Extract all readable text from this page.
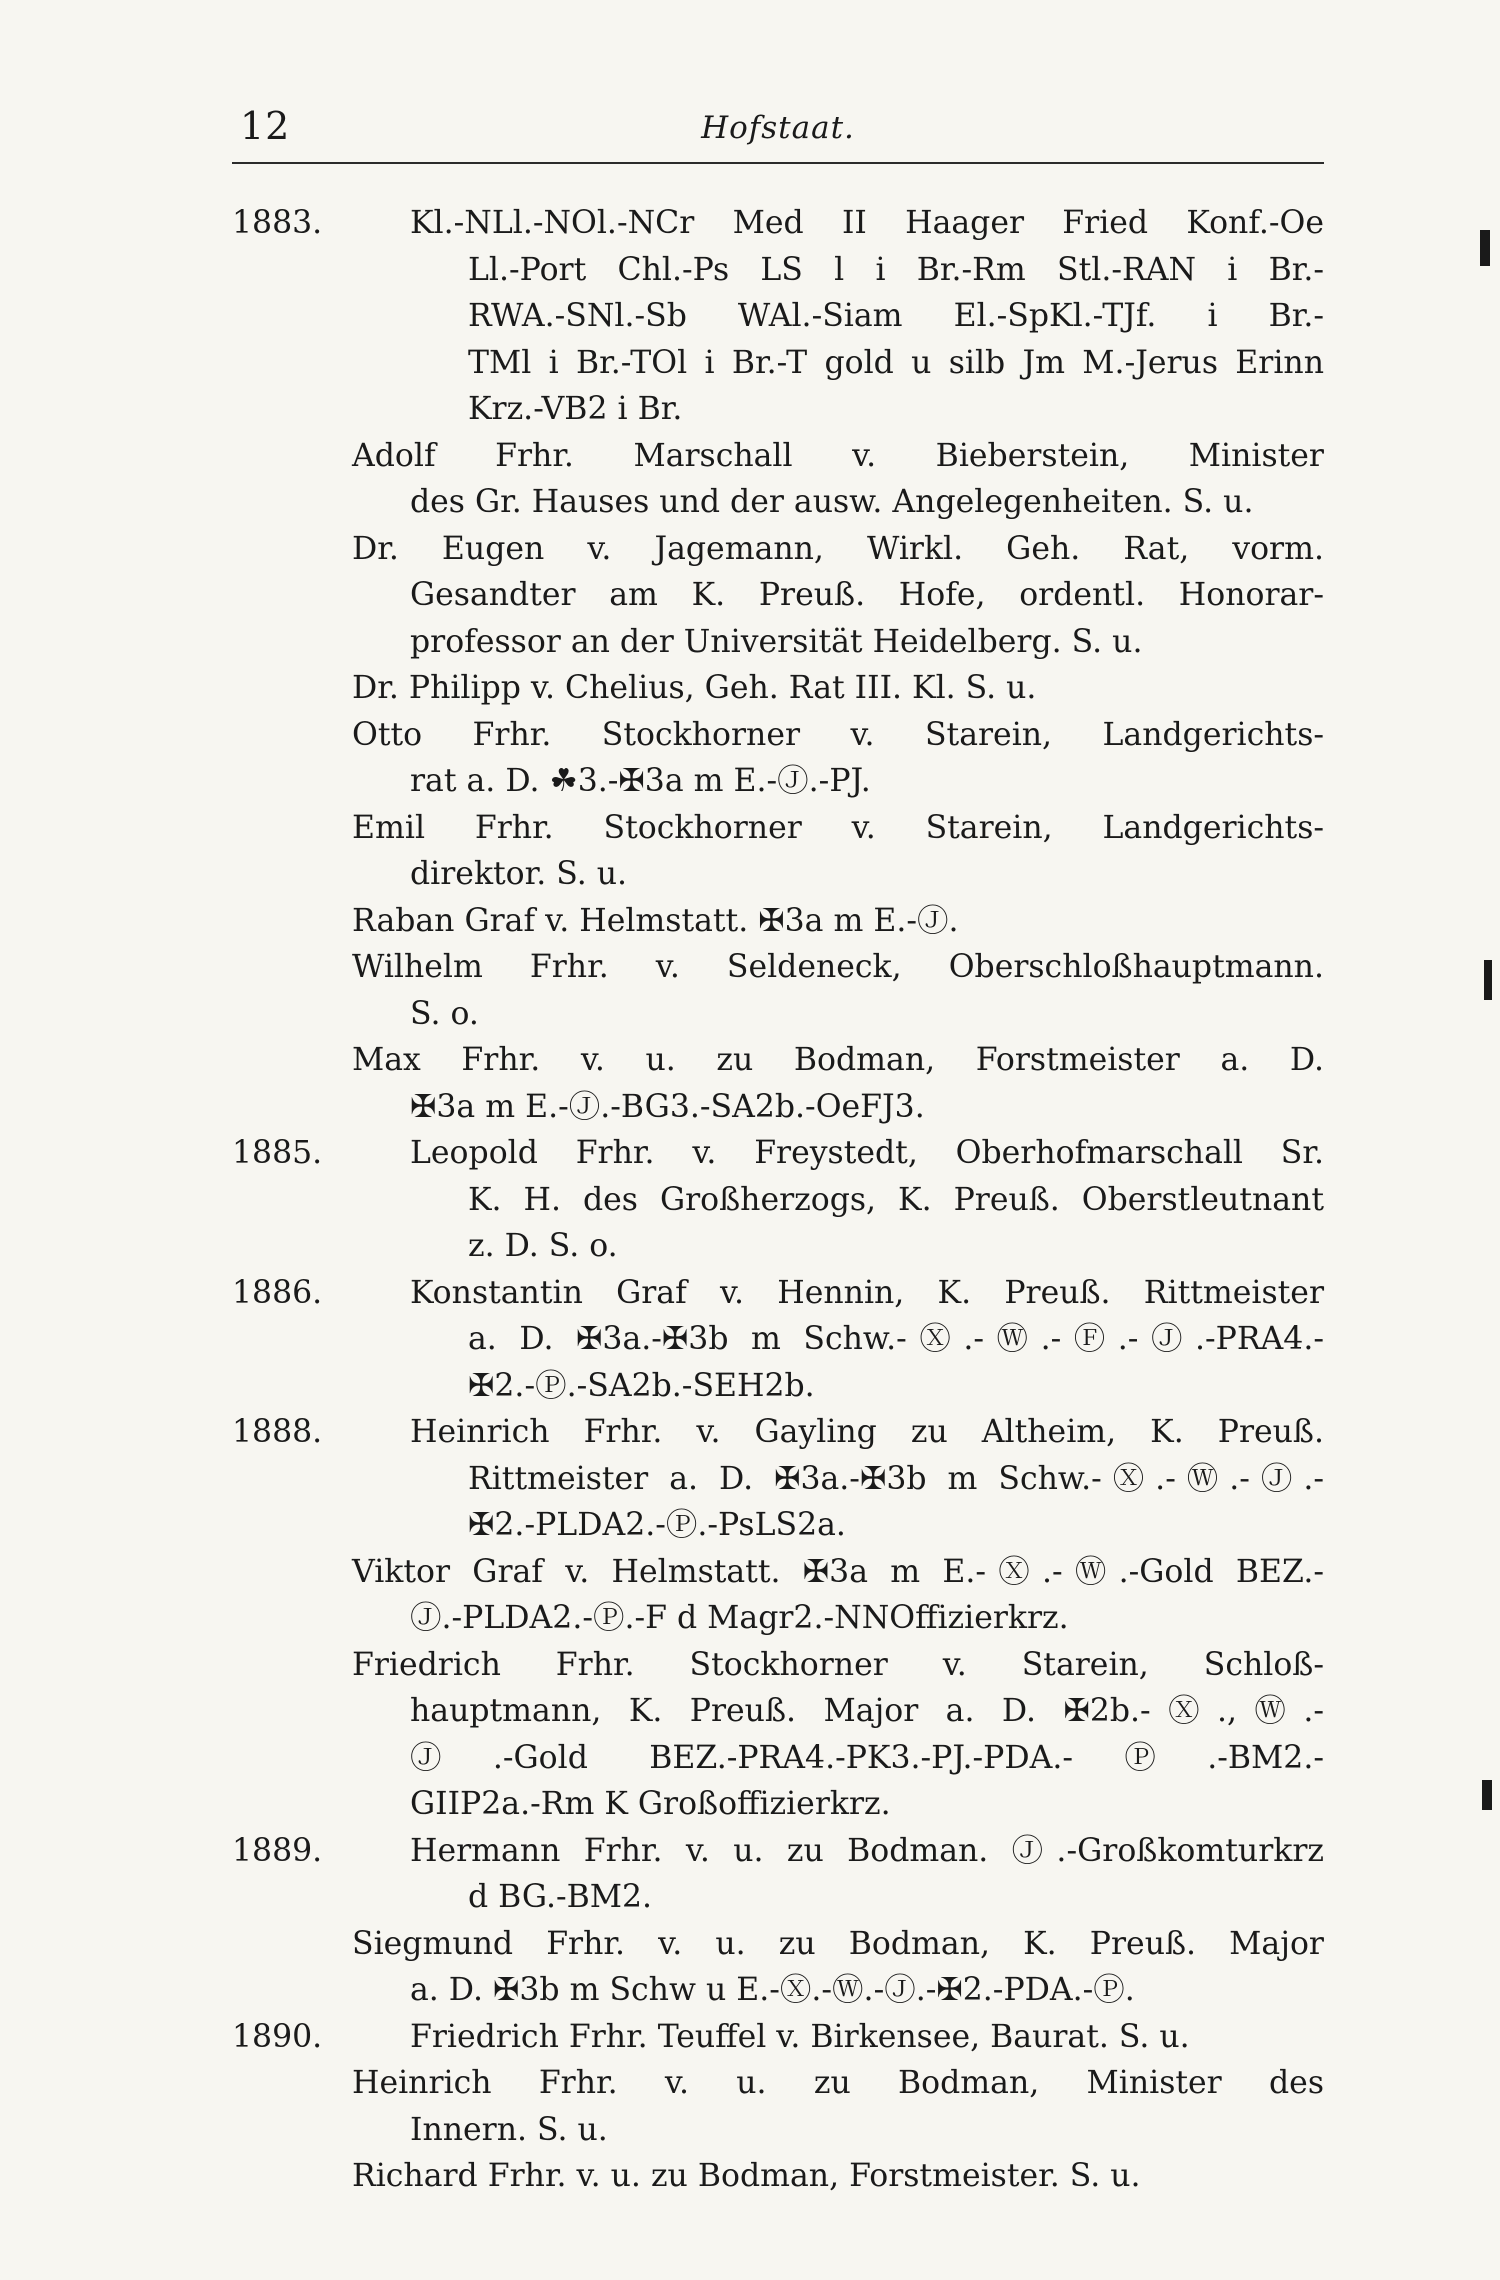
12	Hofstaat.
1883.	Kl.-NLl.-NOl.-NCr Med II Haager Fried Konf.-Oe
Ll.-Port Chl.-Ps LS l i Br.-Rm Stl.-RAN i Br.-
RWA.-SNl.-Sb WAl.-Siam El.-SpKl.-TJf. i Br.-
TMl i Br.-TOl i Br.-T gold u silb Jm M.-Jerus Erinn
Krz.-VB2 i Br.
Adolf Frhr. Marschall v. Bieberstein, Minister
des Gr. Hauses und der ausw. Angelegenheiten. S. u.
Dr. Eugen v. Jagemann, Wirkl. Geh. Rat, vorm.
Gesandter am K. Preuß. Hofe, ordentl. Honorar-
professor an der Universität Heidelberg. S. u.
Dr. Philipp v. Chelius, Geh. Rat III. Kl. S. u.
Otto Frhr. Stockhorner v. Starein, Landgerichts-
rat a. D. ☘3.-✠3a m E.-Ⓙ.-PJ.
Emil Frhr. Stockhorner v. Starein, Landgerichts-
direktor. S. u.
Raban Graf v. Helmstatt. ✠3a m E.-Ⓙ.
Wilhelm Frhr. v. Seldeneck, Oberschloßhauptmann.
S. o.
Max Frhr. v. u. zu Bodman, Forstmeister a. D.
✠3a m E.-Ⓙ.-BG3.-SA2b.-OeFJ3.
1885.	Leopold Frhr. v. Freystedt, Oberhofmarschall Sr.
K. H. des Großherzogs, K. Preuß. Oberstleutnant
z. D. S. o.
1886.	Konstantin Graf v. Hennin, K. Preuß. Rittmeister
a. D. ✠3a.-✠3b m Schw.-Ⓧ.-Ⓦ.-Ⓕ.-Ⓙ.-PRA4.-
✠2.-Ⓟ.-SA2b.-SEH2b.
1888.	Heinrich Frhr. v. Gayling zu Altheim, K. Preuß.
Rittmeister a. D. ✠3a.-✠3b m Schw.-Ⓧ.-Ⓦ.-Ⓙ.-
✠2.-PLDA2.-Ⓟ.-PsLS2a.
Viktor Graf v. Helmstatt. ✠3a m E.-Ⓧ.-Ⓦ.-Gold BEZ.-
Ⓙ.-PLDA2.-Ⓟ.-F d Magr2.-NNOffizierkrz.
Friedrich Frhr. Stockhorner v. Starein, Schloß-
hauptmann, K. Preuß. Major a. D. ✠2b.-Ⓧ.,Ⓦ.-
Ⓙ.-Gold BEZ.-PRA4.-PK3.-PJ.-PDA.-Ⓟ.-BM2.-
GIIP2a.-Rm K Großoffizierkrz.
1889.	Hermann Frhr. v. u. zu Bodman. Ⓙ.-Großkomturkrz
d BG.-BM2.
Siegmund Frhr. v. u. zu Bodman, K. Preuß. Major
a. D. ✠3b m Schw u E.-Ⓧ.-Ⓦ.-Ⓙ.-✠2.-PDA.-Ⓟ.
1890.	Friedrich Frhr. Teuffel v. Birkensee, Baurat. S. u.
Heinrich Frhr. v. u. zu Bodman, Minister des
Innern. S. u.
Richard Frhr. v. u. zu Bodman, Forstmeister. S. u.
